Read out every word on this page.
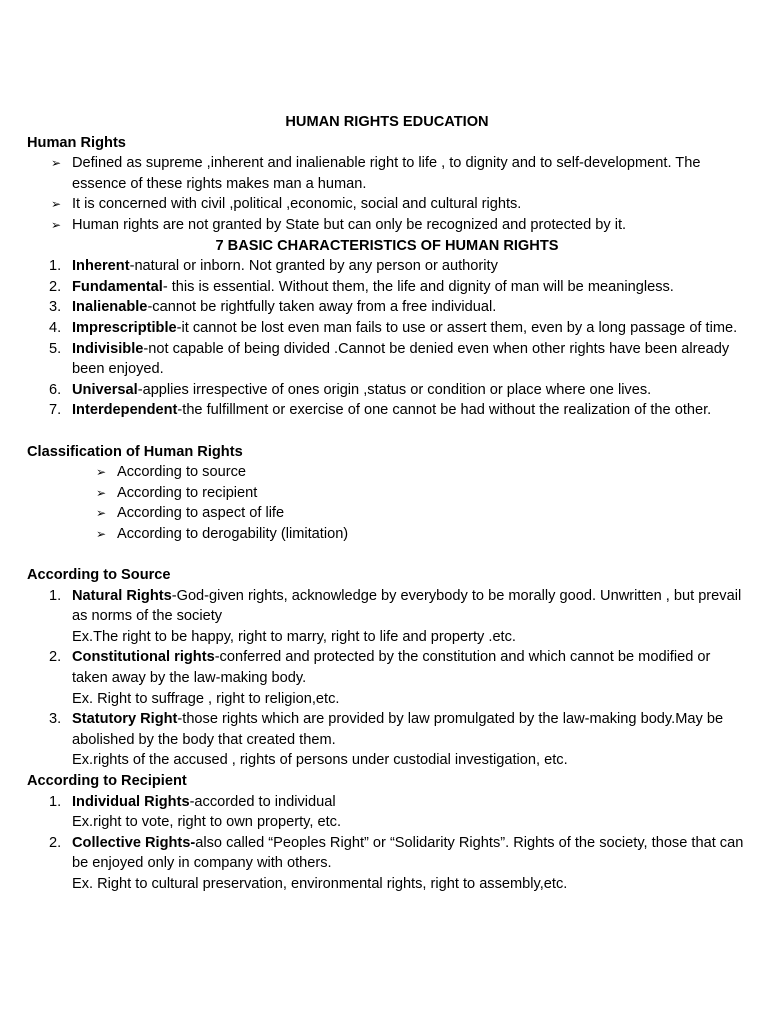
HUMAN RIGHTS EDUCATION
Human Rights
➢ Defined as supreme ,inherent and inalienable right to life , to dignity and to self-development. The essence of these rights makes man a human.
➢ It is concerned with civil ,political ,economic, social and cultural rights.
➢ Human rights are not granted by State but can only be recognized and protected by it.
7 BASIC CHARACTERISTICS OF HUMAN RIGHTS
1. Inherent-natural or inborn. Not granted by any person or authority
2. Fundamental- this is essential. Without them, the life and dignity of man will be meaningless.
3. Inalienable-cannot be rightfully taken away from a free individual.
4. Imprescriptible-it cannot be lost even man fails to use or assert them, even by a long passage of time.
5. Indivisible-not capable of being divided .Cannot be denied even when other rights have been already been enjoyed.
6. Universal-applies irrespective of ones origin ,status or condition or place where one lives.
7. Interdependent-the fulfillment or exercise of one cannot be had without the realization of the other.
Classification of Human Rights
➢ According to source
➢ According to recipient
➢ According to aspect of life
➢ According to derogability (limitation)
According to Source
1. Natural Rights-God-given rights, acknowledge by everybody to be morally good. Unwritten , but prevail as norms of the society
Ex.The right to be happy, right to marry, right to life and property .etc.
2. Constitutional rights-conferred and protected by the constitution and which cannot be modified or taken away by the law-making body.
Ex. Right to suffrage , right to religion,etc.
3. Statutory Right-those rights which are provided by law promulgated by the law-making body.May be abolished by the body that created them.
Ex.rights of the accused , rights of persons under custodial investigation, etc.
According to Recipient
1. Individual Rights-accorded to individual
Ex.right to vote, right to own property, etc.
2. Collective Rights-also called “Peoples Right” or “Solidarity Rights”. Rights of the society, those that can be enjoyed only in company with others.
Ex. Right to cultural preservation, environmental rights, right to assembly,etc.
